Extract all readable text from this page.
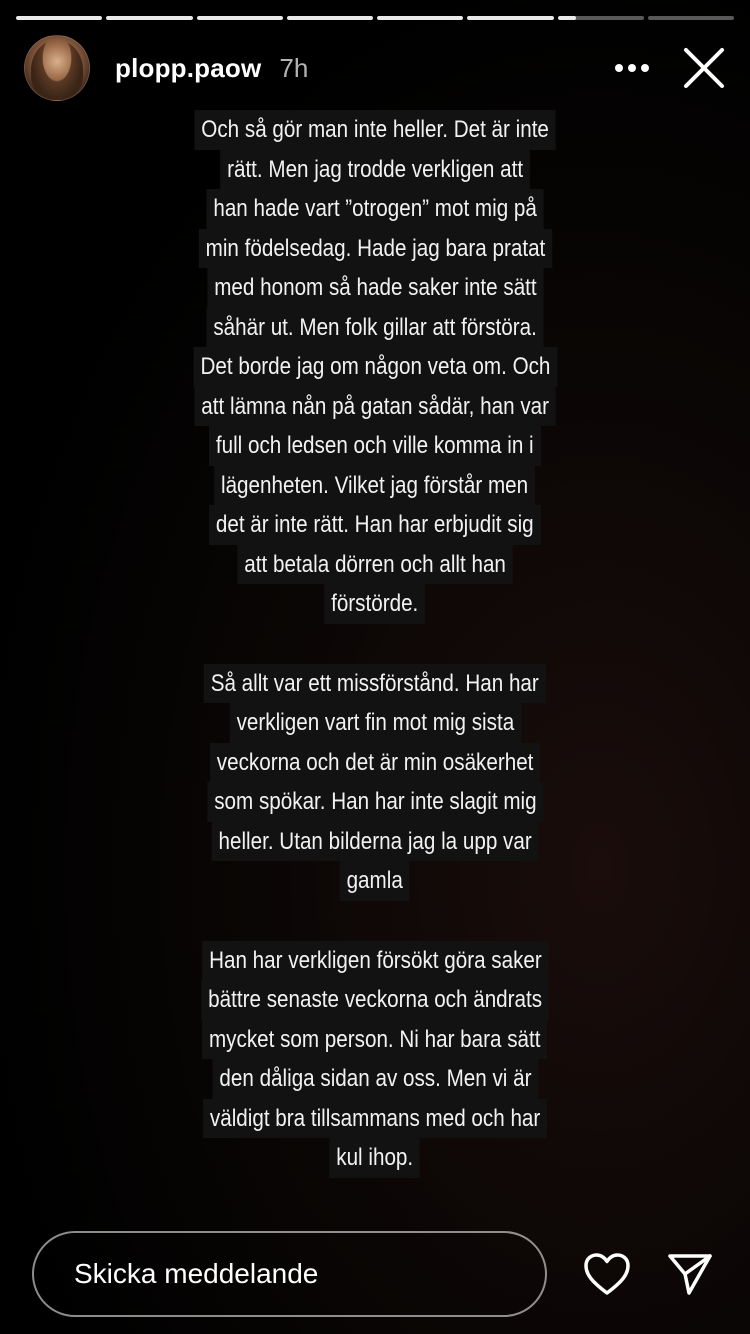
plopp.paow 7h
Och så gör man inte heller. Det är inte
rätt. Men jag trodde verkligen att
han hade vart ”otrogen” mot mig på
min födelsedag. Hade jag bara pratat
med honom så hade saker inte sätt
såhär ut. Men folk gillar att förstöra.
Det borde jag om någon veta om. Och
att lämna nån på gatan sådär, han var
full och ledsen och ville komma in i
lägenheten. Vilket jag förstår men
det är inte rätt. Han har erbjudit sig
att betala dörren och allt han
förstörde.
Så allt var ett missförstånd. Han har
verkligen vart fin mot mig sista
veckorna och det är min osäkerhet
som spökar. Han har inte slagit mig
heller. Utan bilderna jag la upp var
gamla
Han har verkligen försökt göra saker
bättre senaste veckorna och ändrats
mycket som person. Ni har bara sätt
den dåliga sidan av oss. Men vi är
väldigt bra tillsammans med och har
kul ihop.
Skicka meddelande
